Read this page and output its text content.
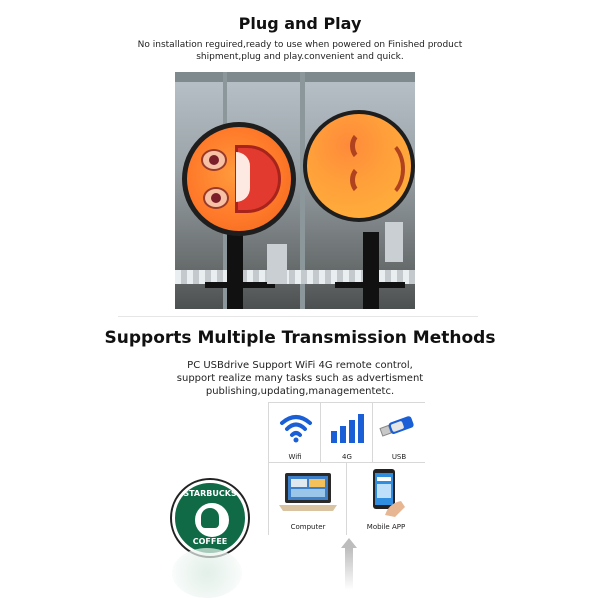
Plug and Play
No installation reguired,ready to use when powered on Finished product
shipment,plug and play.convenient and quick.
Supports Multiple Transmission Methods
PC USBdrive Support WiFi 4G remote control,
support realize many tasks such as advertisment
publishing,updating,managementetc.
Wifi	4G	USB
Computer	Mobile APP
STARBUCKS
COFFEE
